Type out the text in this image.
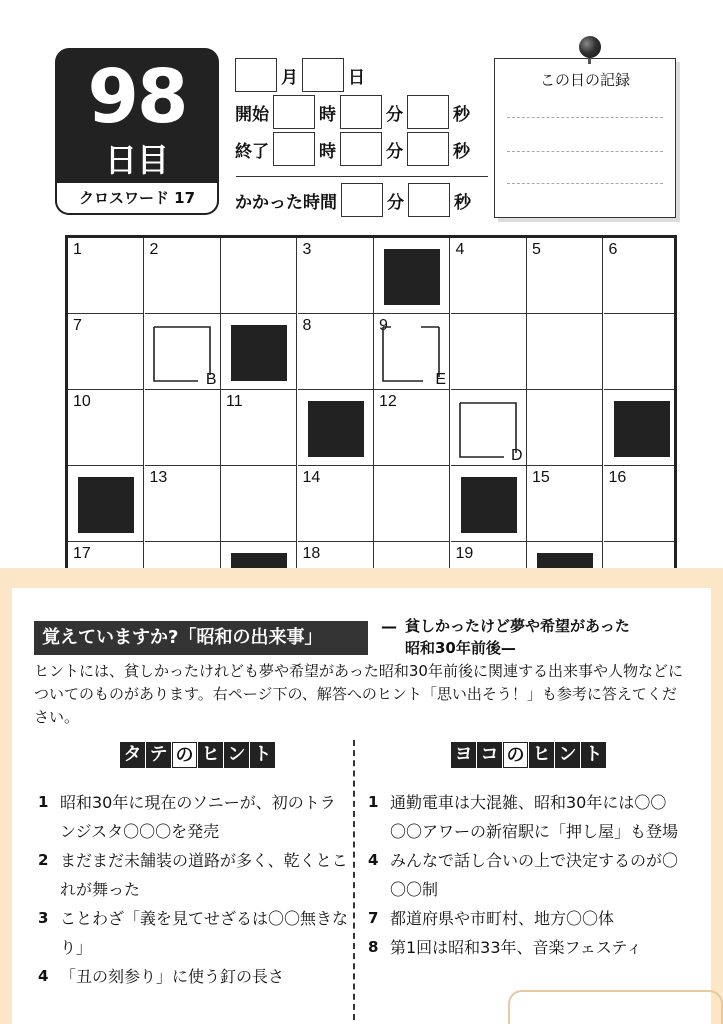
98
日目
クロスワード 17
月	日
開始	時	分	秒
終了	時	分	秒
かかった時間	分	秒
この日の記録
1	2	3	4	5	6
7
B
8	9
E
10	11	12
D
13	14	15	16
17	18	19
覚えていますか?「昭和の出来事」
— 貧しかったけど夢や希望があった
昭和30年前後—
ヒントには、貧しかったけれども夢や希望があった昭和30年前後に関連する出来事や人物などについてのものがあります。右ページ下の、解答へのヒント「思い出そう！」も参考に答えてください。
タ テ の ヒ ン ト	ヨ コ の ヒ ン ト
1 昭和30年に現在のソニーが、初のトランジスタ〇〇〇を発売
2 まだまだ未舗装の道路が多く、乾くとこれが舞った
3 ことわざ「義を見てせざるは〇〇無きなり」
4 「丑の刻参り」に使う釘の長さ
1 通勤電車は大混雑、昭和30年には〇〇〇〇アワーの新宿駅に「押し屋」も登場
4 みんなで話し合いの上で決定するのが〇〇〇制
7 都道府県や市町村、地方〇〇体
8 第1回は昭和33年、音楽フェスティ
